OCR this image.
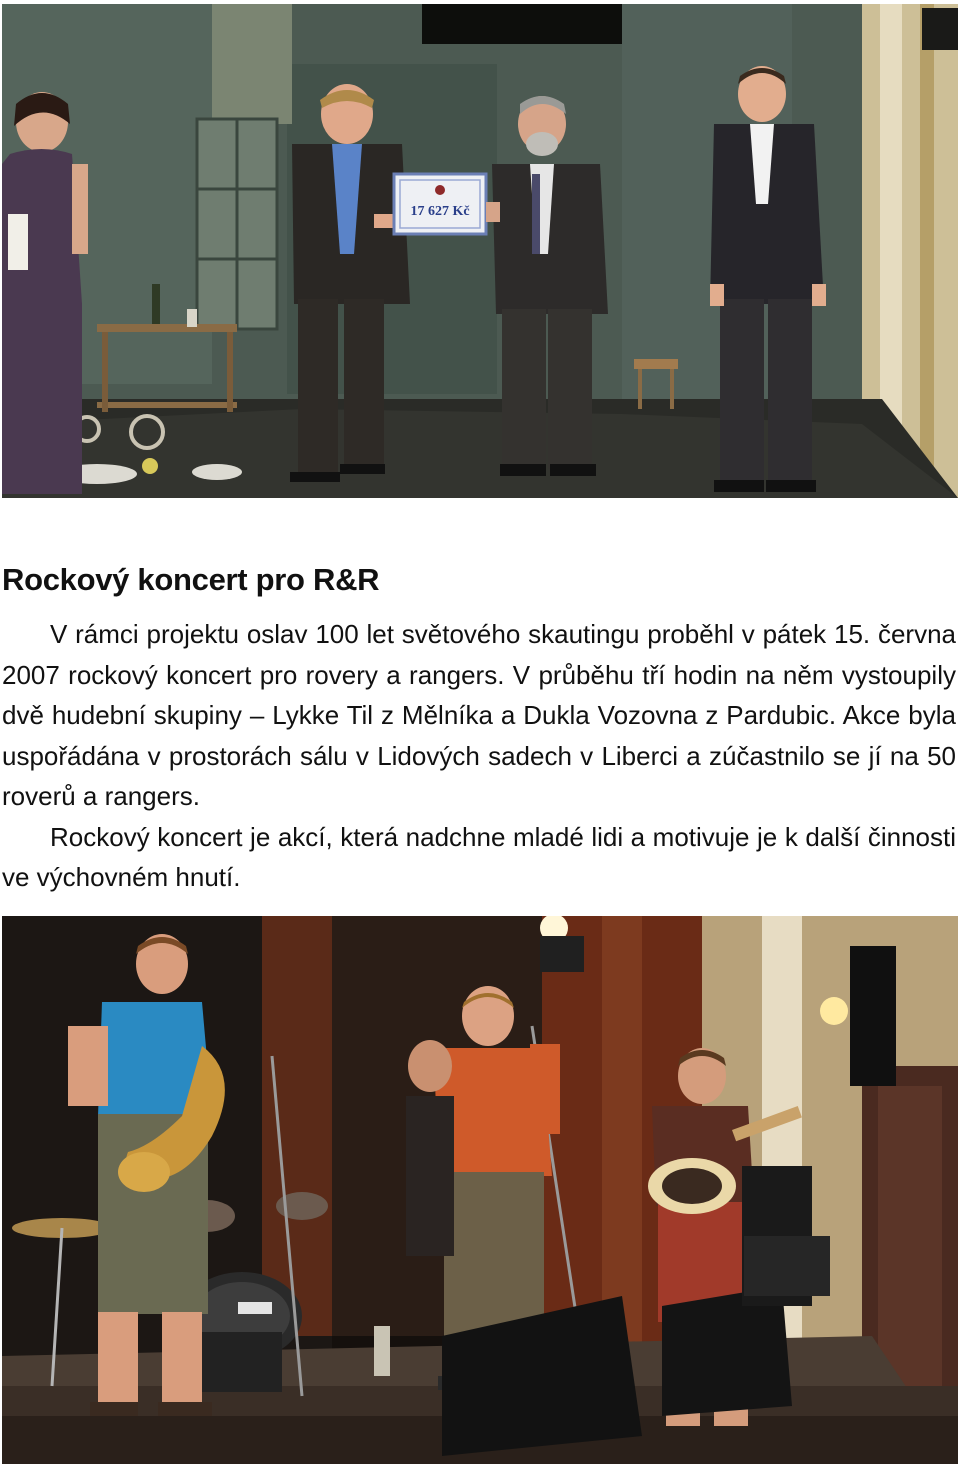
17 627 Kč
Rockový koncert pro R&R

V rámci projektu oslav 100 let světového skautingu proběhl v pátek 15. června 2007 rockový koncert pro rovery a rangers. V průběhu tří hodin na něm vystoupily dvě hudební skupiny – Lykke Til z Mělníka a Dukla Vozovna z Pardubic. Akce byla uspořádána v prostorách sálu v Lidových sadech v Liberci a zúčastnilo se jí na 50 roverů a rangers.

Rockový koncert je akcí, která nadchne mladé lidi a motivuje je k další činnosti ve výchovném hnutí.
